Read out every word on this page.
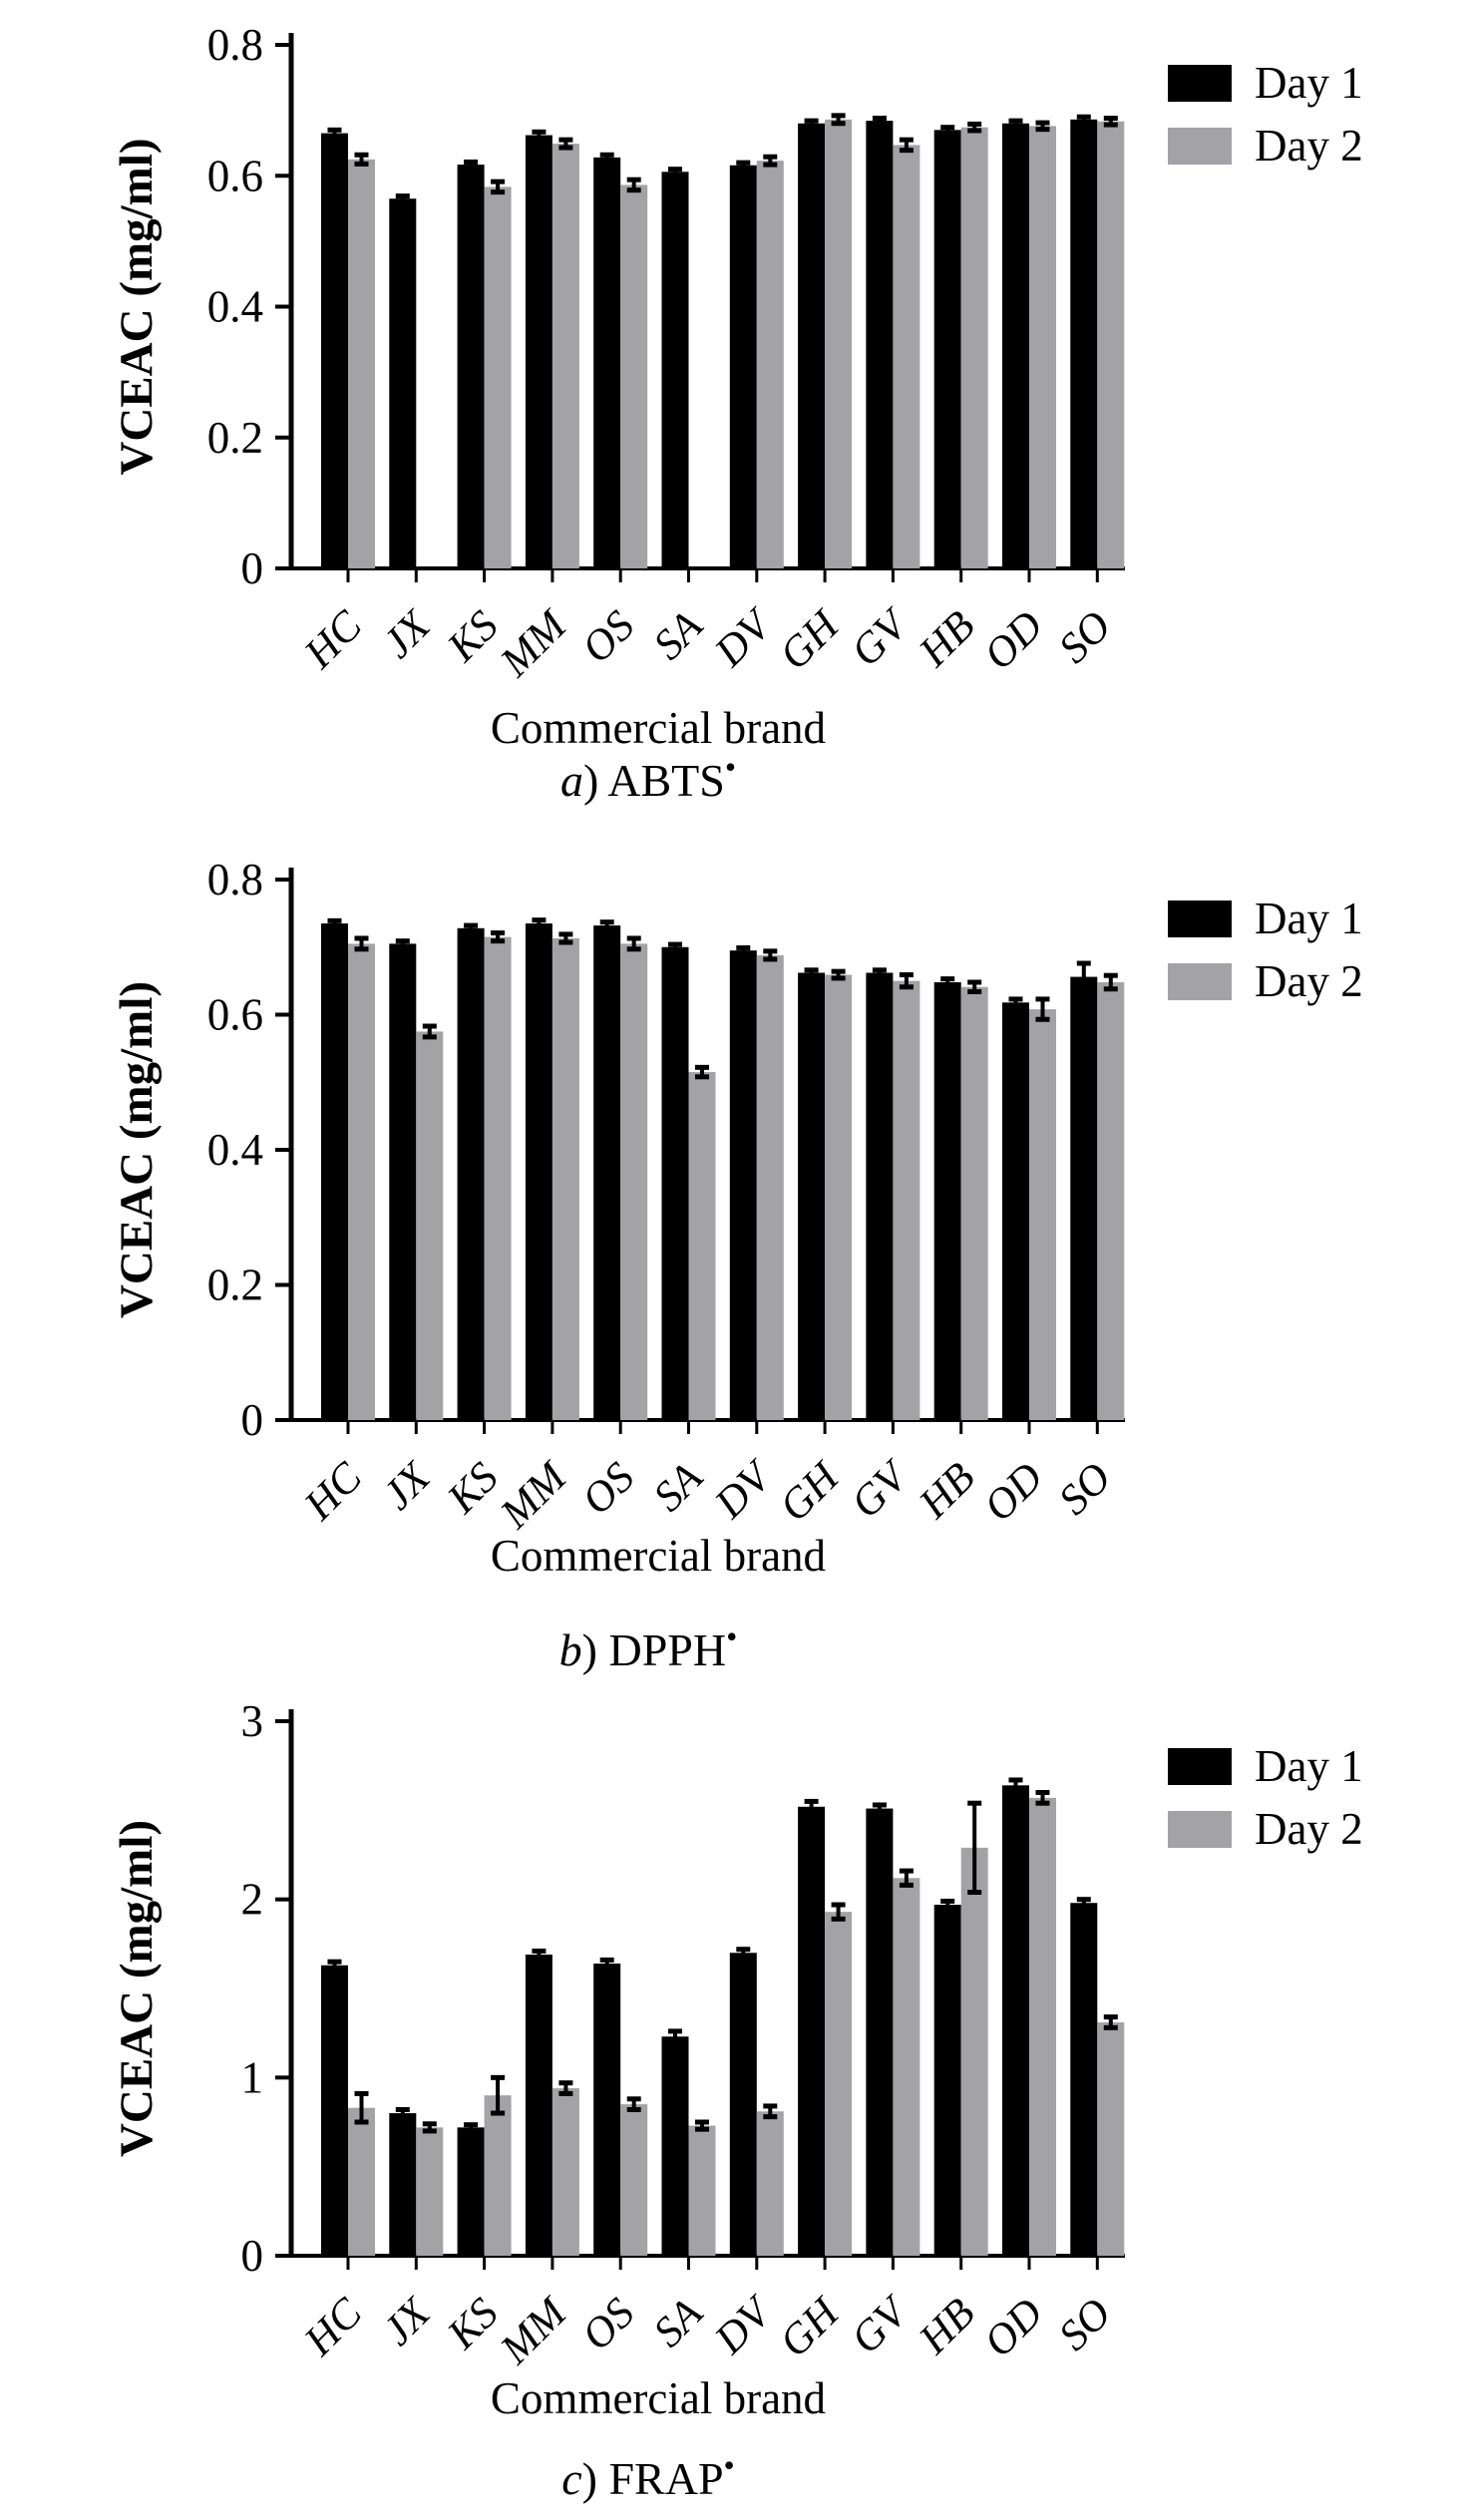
0
0.2
0.4
0.6
0.8
HC JX KS
MM
OS SA
DV
GH
GV
HB
OD
SO
VCEAC (mg/ml)
Commercial brand
a) ABTS•
Day 1
Day 2
0
0.2
0.4
0.6
0.8
HC JX KS
MM
OS SA
DV
GH
GV
HB
OD
SO
VCEAC (mg/ml)
Commercial brand
b) DPPH•
Day 1
Day 2
0
1
2
3
HC JX KS
MM
OS SA
DV
GH
GV
HB
OD
SO
VCEAC (mg/ml)
Commercial brand
c) FRAP•
Day 1
Day 2
